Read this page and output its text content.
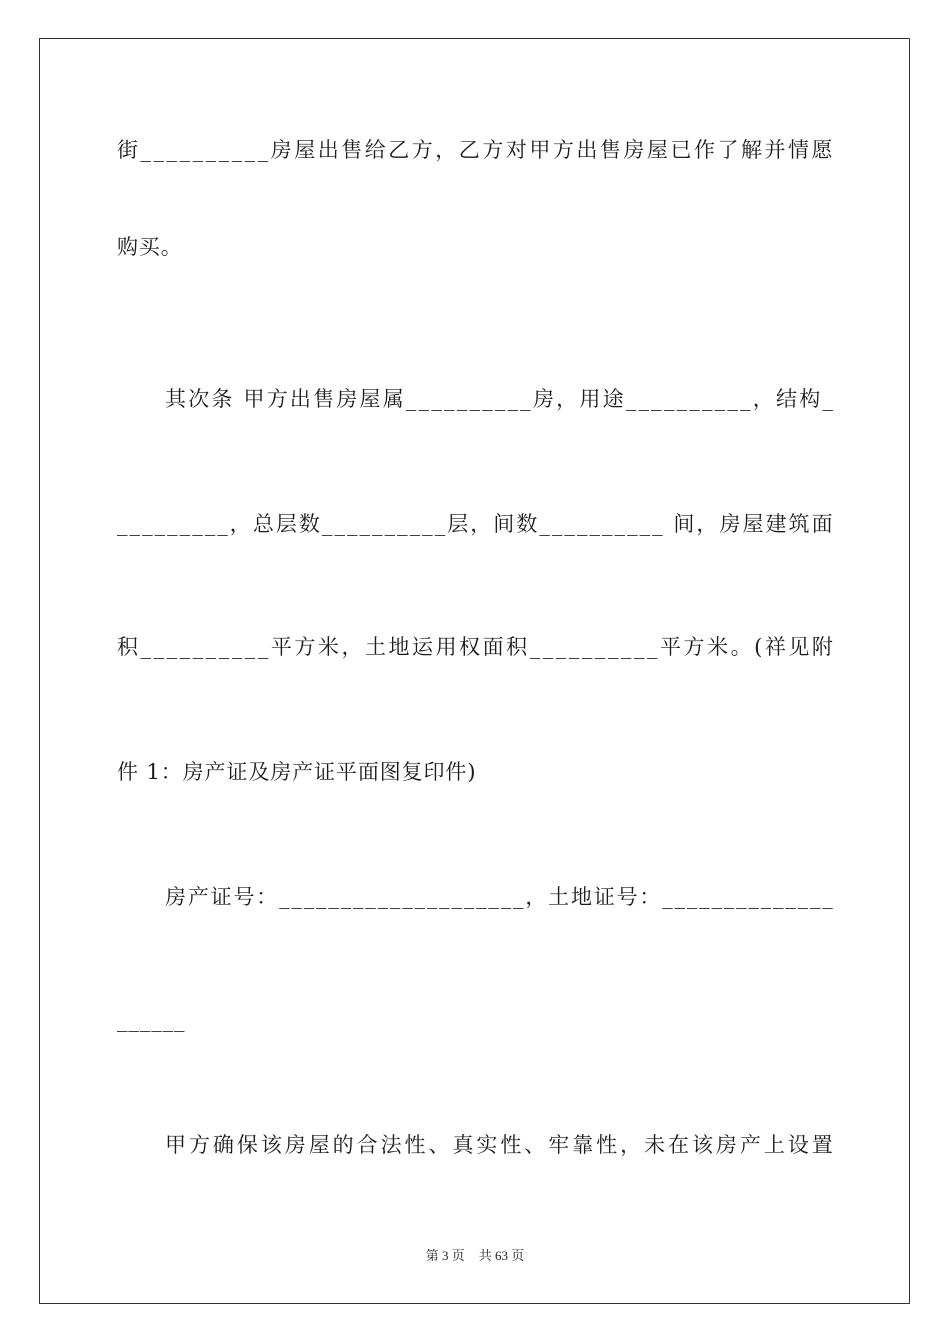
街 _ _ _ _ _ _ _ _ _ _ 房 屋 出 售 给 乙 方 ， 乙 方 对 甲 方 出 售 房 屋 已 作 了 解 并 情 愿
购买。
其 次 条
甲 方 出 售 房 屋 属 _ _ _ _ _ _ _ _ _ _ 房 ， 用 途 _ _ _ _ _ _ _ _ _ _ ， 结 构 _
_ _ _ _ _ _ _ _ _ ， 总 层 数 _ _ _ _ _ _ _ _ _ _ 层 ， 间 数 _ _ _ _ _ _ _ _ _ _
间 ， 房 屋 建 筑 面
积 _ _ _ _ _ _ _ _ _ _ 平 方 米 ， 土 地 运 用 权 面 积 _ _ _ _ _ _ _ _ _ _ 平 方 米 。 ( 祥 见 附
件 1：房产证及房产证平面图复印件)
房 产 证 号 ： _ _ _ _ _ _ _ _ _ _ _ _ _ _ _ _ _ _ _ _ ， 土 地 证 号 ： _ _ _ _ _ _ _ _ _ _ _ _ _ _
______
甲 方 确 保 该 房 屋 的 合 法 性 、 真 实 性 、 牢 靠 性 ， 未 在 该 房 产 上 设 置
第 3 页 共 63 页
